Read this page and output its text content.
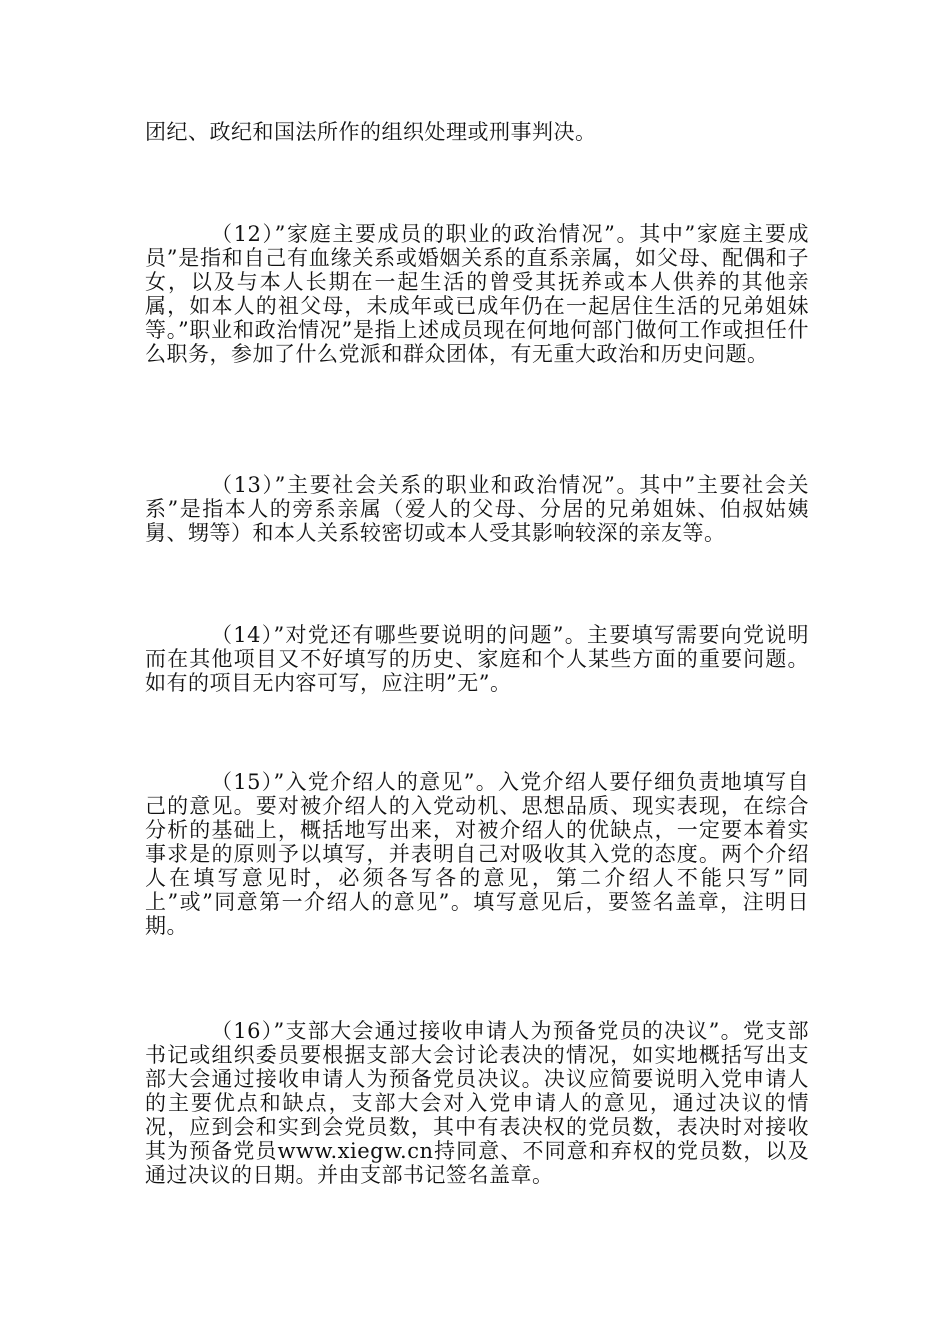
团纪、政纪和国法所作的组织处理或刑事判决。

（12）”家庭主要成员的职业的政治情况”。其中”家庭主要成员”是指和自己有血缘关系或婚姻关系的直系亲属，如父母、配偶和子女，以及与本人长期在一起生活的曾受其抚养或本人供养的其他亲属，如本人的祖父母，未成年或已成年仍在一起居住生活的兄弟姐妹等。”职业和政治情况”是指上述成员现在何地何部门做何工作或担任什么职务，参加了什么党派和群众团体，有无重大政治和历史问题。

（13）”主要社会关系的职业和政治情况”。其中”主要社会关系”是指本人的旁系亲属（爱人的父母、分居的兄弟姐妹、伯叔姑姨舅、甥等）和本人关系较密切或本人受其影响较深的亲友等。

（14）”对党还有哪些要说明的问题”。主要填写需要向党说明而在其他项目又不好填写的历史、家庭和个人某些方面的重要问题。如有的项目无内容可写，应注明”无”。

（15）”入党介绍人的意见”。入党介绍人要仔细负责地填写自己的意见。要对被介绍人的入党动机、思想品质、现实表现，在综合分析的基础上，概括地写出来，对被介绍人的优缺点，一定要本着实事求是的原则予以填写，并表明自己对吸收其入党的态度。两个介绍人在填写意见时，必须各写各的意见，第二介绍人不能只写”同上”或”同意第一介绍人的意见”。填写意见后，要签名盖章，注明日期。

（16）”支部大会通过接收申请人为预备党员的决议”。党支部书记或组织委员要根据支部大会讨论表决的情况，如实地概括写出支部大会通过接收申请人为预备党员决议。决议应简要说明入党申请人的主要优点和缺点，支部大会对入党申请人的意见，通过决议的情况，应到会和实到会党员数，其中有表决权的党员数，表决时对接收其为预备党员www.xiegw.cn持同意、不同意和弃权的党员数，以及通过决议的日期。并由支部书记签名盖章。
